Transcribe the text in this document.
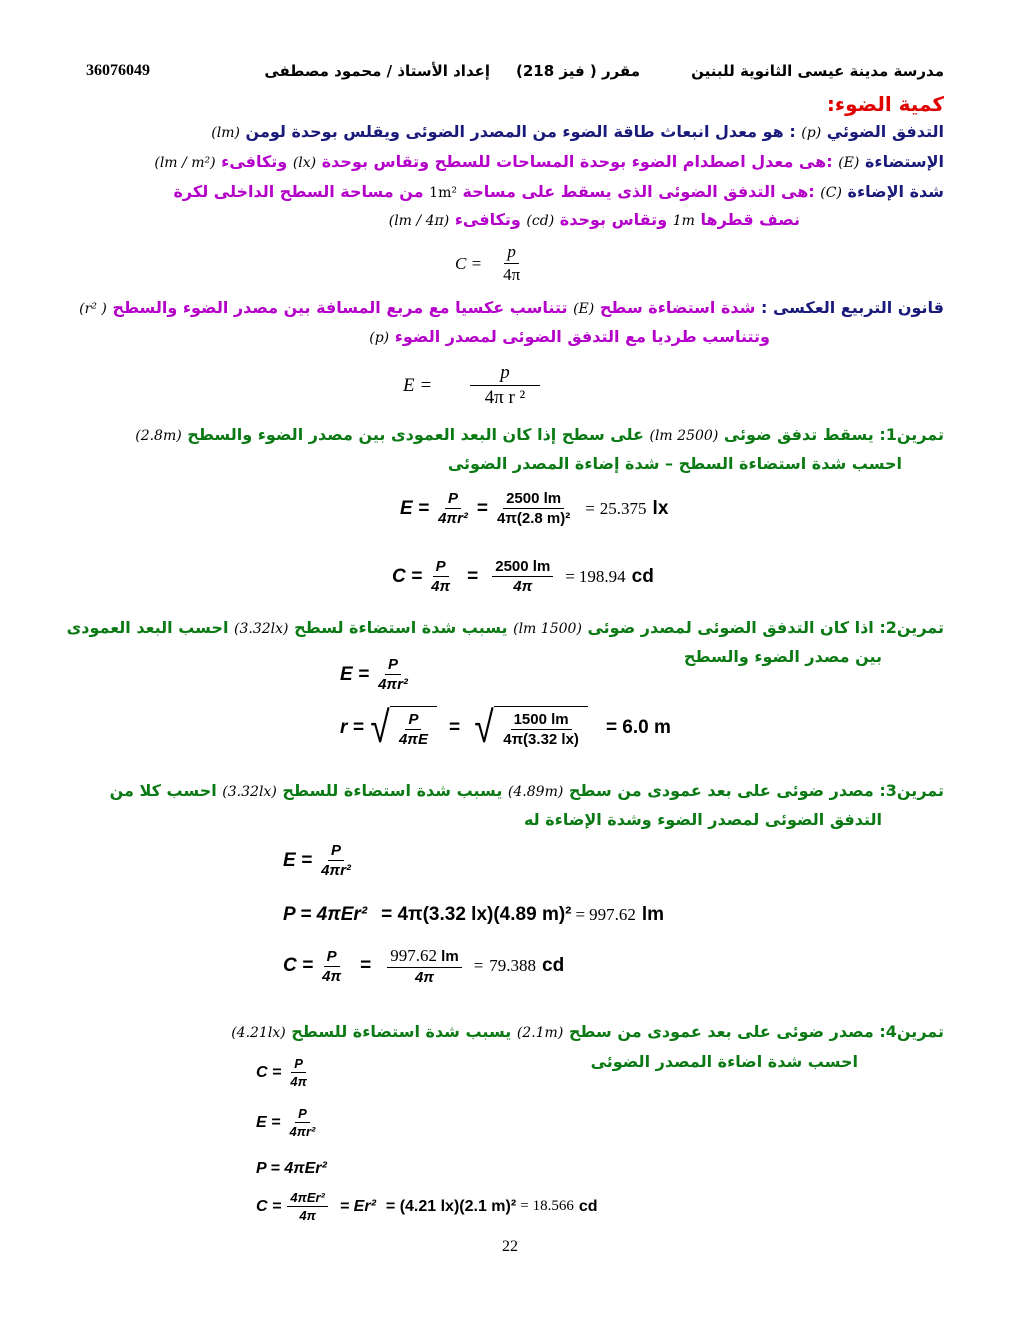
مدرسة مدينة عيسى الثانوية للبنين
مقرر ( فيز 218)
إعداد الأستاذ / محمود مصطفى
36076049
كمية الضوء:
التدفق الضوئي (p) : هو معدل انبعاث طاقة الضوء من المصدر الضوئى ويقلس بوحدة لومن (lm)
الإستضاءة (E) :هى معدل اصطدام الضوء بوحدة المساحات للسطح وتقاس بوحدة (lx) وتكافىء (lm / m²)
شدة الإضاءة (C) :هى التدفق الضوئى الذى يسقط على مساحة 1m² من مساحة السطح الداخلى لكرة
نصف قطرها 1m وتقاس بوحدة (cd) وتكافىء (lm / 4π)
$C = \frac{p}{4\pi}$
قانون التربيع العكسى : شدة استضاءة سطح (E) تتناسب عكسيا مع مربع المسافة بين مصدر الضوء والسطح ( r²)
وتتناسب طرديا مع التدفق الضوئى لمصدر الضوء (p)
$E = \frac{p}{\text{4π r ²}}$
تمرين1: يسقط تدفق ضوئى (2500 lm) على سطح إذا كان البعد العمودى بين مصدر الضوء والسطح (2.8m)
احسب شدة استضاءة السطح – شدة إضاءة المصدر الضوئى
$E = \frac{P}{\text{4πr²}} = \frac{2500 lm}{\text{4π(2.8 m)²}} = 25.375$ lx
$C = \frac{P}{4\pi} = \frac{2500 lm}{4\pi} = 198.94$ cd
تمرين2: اذا كان التدفق الضوئى لمصدر ضوئى (1500 lm) يسبب شدة استضاءة لسطح (3.32lx) احسب البعد العمودى
بين مصدر الضوء والسطح
$E = \frac{P}{\text{4πr²}}$
r = √ $\frac{P}{4\pi E}$ = √ $\frac{1500 lm}{4\pi(3.32 lx)} = 6.0$ m
تمرين3: مصدر ضوئى على بعد عمودى من سطح (4.89m) يسبب شدة استضاءة للسطح (3.32lx) احسب كلا من
التدفق الضوئى لمصدر الضوء وشدة الإضاءة له
$E = \frac{P}{\text{4πr²}}$
P = 4πEr² = 4π(3.32 lx)(4.89 m)² = 997.62 lm
$C = \frac{P}{4\pi} = \frac{997.62 lm}{4\pi} = 79.388$ cd
تمرين4: مصدر ضوئى على بعد عمودى من سطح (2.1m) يسبب شدة استضاءة للسطح (4.21lx)
احسب شدة اضاءة المصدر الضوئى
$C = \frac{P}{4\pi}$
$E = \frac{P}{\text{4πr²}}$
P = 4πEr²
$C = \frac{\text{4πEr²}}{4\pi} = Er^2 = (4.21$ lx)(2.1 m)² = 18.566 cd
22
